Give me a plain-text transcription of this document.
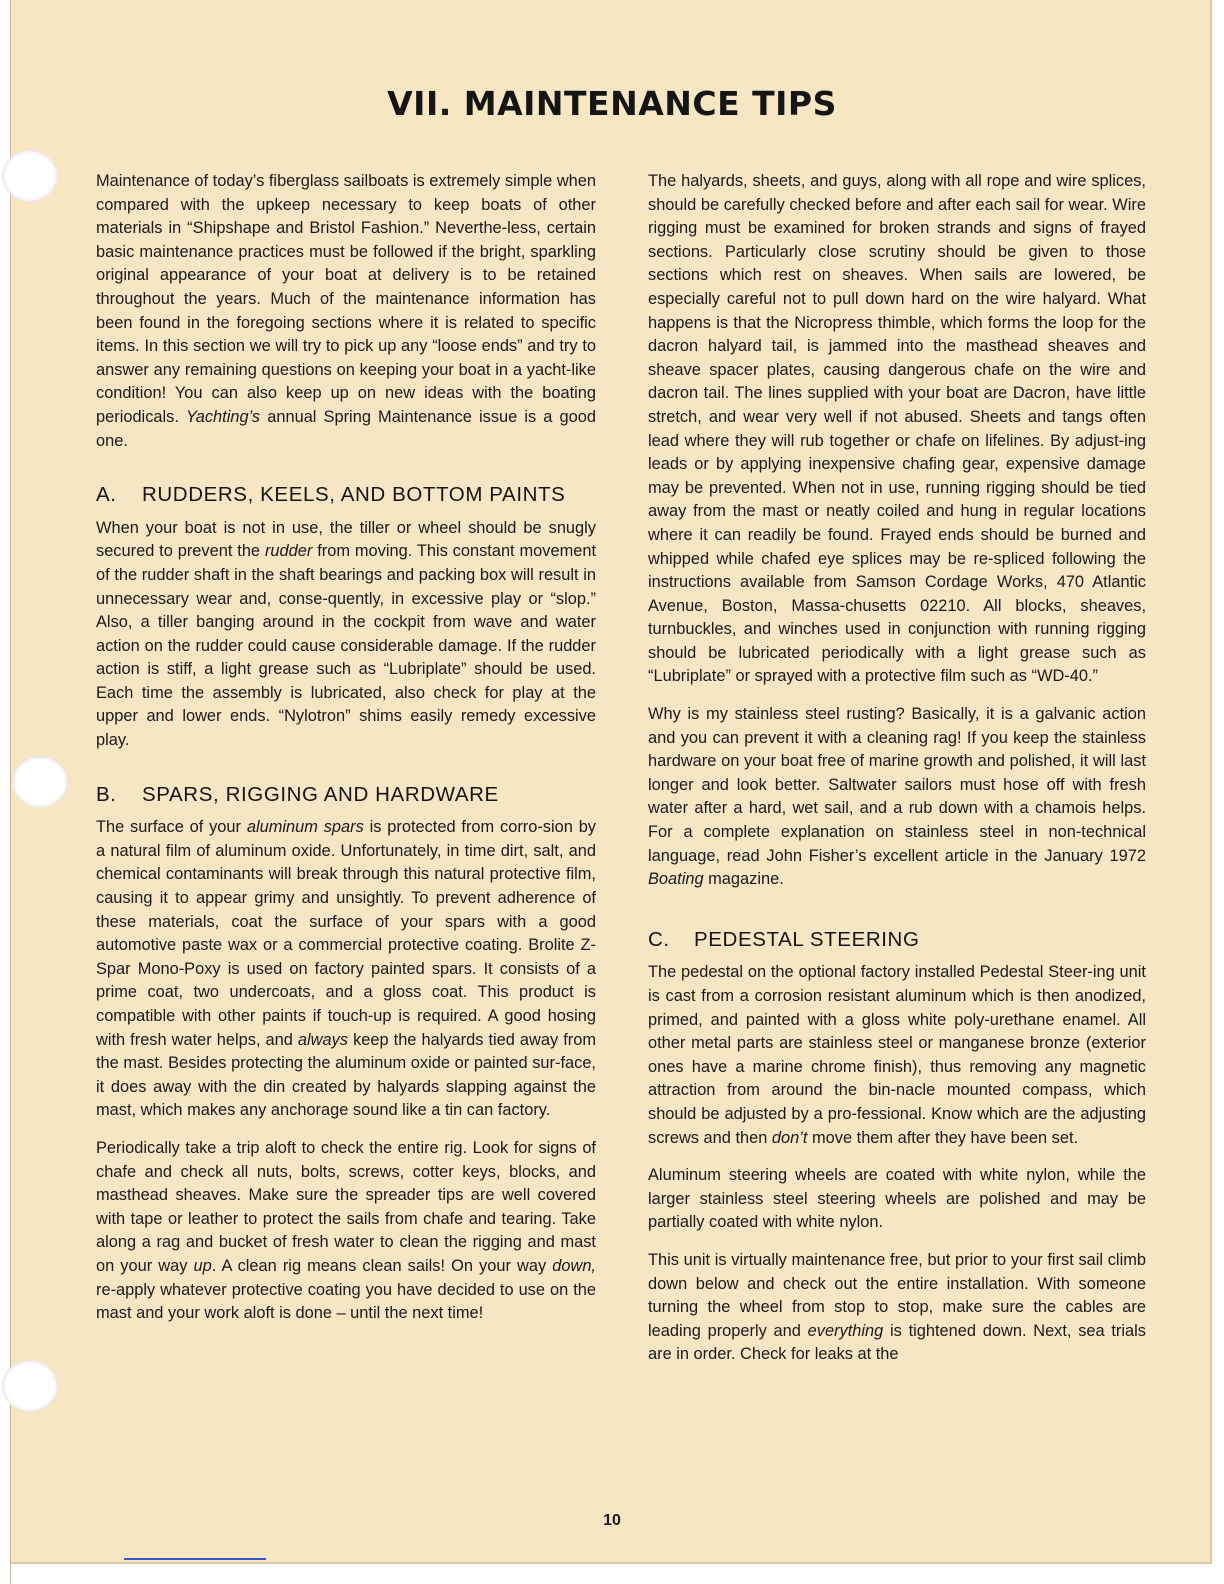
VII. MAINTENANCE TIPS

Maintenance of today’s fiberglass sailboats is extremely simple when compared with the upkeep necessary to keep boats of other materials in “Shipshape and Bristol Fashion.” Neverthe-less, certain basic maintenance practices must be followed if the bright, sparkling original appearance of your boat at delivery is to be retained throughout the years. Much of the maintenance information has been found in the foregoing sections where it is related to specific items. In this section we will try to pick up any “loose ends” and try to answer any remaining questions on keeping your boat in a yacht-like condition! You can also keep up on new ideas with the boating periodicals. Yachting’s annual Spring Maintenance issue is a good one.

A. RUDDERS, KEELS, AND BOTTOM PAINTS

When your boat is not in use, the tiller or wheel should be snugly secured to prevent the rudder from moving. This constant movement of the rudder shaft in the shaft bearings and packing box will result in unnecessary wear and, conse-quently, in excessive play or “slop.” Also, a tiller banging around in the cockpit from wave and water action on the rudder could cause considerable damage. If the rudder action is stiff, a light grease such as “Lubriplate” should be used. Each time the assembly is lubricated, also check for play at the upper and lower ends. “Nylotron” shims easily remedy excessive play.

B. SPARS, RIGGING AND HARDWARE

The surface of your aluminum spars is protected from corro-sion by a natural film of aluminum oxide. Unfortunately, in time dirt, salt, and chemical contaminants will break through this natural protective film, causing it to appear grimy and unsightly. To prevent adherence of these materials, coat the surface of your spars with a good automotive paste wax or a commercial protective coating. Brolite Z-Spar Mono-Poxy is used on factory painted spars. It consists of a prime coat, two undercoats, and a gloss coat. This product is compatible with other paints if touch-up is required. A good hosing with fresh water helps, and always keep the halyards tied away from the mast. Besides protecting the aluminum oxide or painted sur-face, it does away with the din created by halyards slapping against the mast, which makes any anchorage sound like a tin can factory.

Periodically take a trip aloft to check the entire rig. Look for signs of chafe and check all nuts, bolts, screws, cotter keys, blocks, and masthead sheaves. Make sure the spreader tips are well covered with tape or leather to protect the sails from chafe and tearing. Take along a rag and bucket of fresh water to clean the rigging and mast on your way up. A clean rig means clean sails! On your way down, re-apply whatever protective coating you have decided to use on the mast and your work aloft is done – until the next time!

The halyards, sheets, and guys, along with all rope and wire splices, should be carefully checked before and after each sail for wear. Wire rigging must be examined for broken strands and signs of frayed sections. Particularly close scrutiny should be given to those sections which rest on sheaves. When sails are lowered, be especially careful not to pull down hard on the wire halyard. What happens is that the Nicropress thimble, which forms the loop for the dacron halyard tail, is jammed into the masthead sheaves and sheave spacer plates, causing dangerous chafe on the wire and dacron tail. The lines supplied with your boat are Dacron, have little stretch, and wear very well if not abused. Sheets and tangs often lead where they will rub together or chafe on lifelines. By adjust-ing leads or by applying inexpensive chafing gear, expensive damage may be prevented. When not in use, running rigging should be tied away from the mast or neatly coiled and hung in regular locations where it can readily be found. Frayed ends should be burned and whipped while chafed eye splices may be re-spliced following the instructions available from Samson Cordage Works, 470 Atlantic Avenue, Boston, Massa-chusetts 02210. All blocks, sheaves, turnbuckles, and winches used in conjunction with running rigging should be lubricated periodically with a light grease such as “Lubriplate” or sprayed with a protective film such as “WD-40.”

Why is my stainless steel rusting? Basically, it is a galvanic action and you can prevent it with a cleaning rag! If you keep the stainless hardware on your boat free of marine growth and polished, it will last longer and look better. Saltwater sailors must hose off with fresh water after a hard, wet sail, and a rub down with a chamois helps. For a complete explanation on stainless steel in non-technical language, read John Fisher’s excellent article in the January 1972 Boating magazine.

C. PEDESTAL STEERING

The pedestal on the optional factory installed Pedestal Steer-ing unit is cast from a corrosion resistant aluminum which is then anodized, primed, and painted with a gloss white poly-urethane enamel. All other metal parts are stainless steel or manganese bronze (exterior ones have a marine chrome finish), thus removing any magnetic attraction from around the bin-nacle mounted compass, which should be adjusted by a pro-fessional. Know which are the adjusting screws and then don’t move them after they have been set.

Aluminum steering wheels are coated with white nylon, while the larger stainless steel steering wheels are polished and may be partially coated with white nylon.

This unit is virtually maintenance free, but prior to your first sail climb down below and check out the entire installation. With someone turning the wheel from stop to stop, make sure the cables are leading properly and everything is tightened down. Next, sea trials are in order. Check for leaks at the

10
